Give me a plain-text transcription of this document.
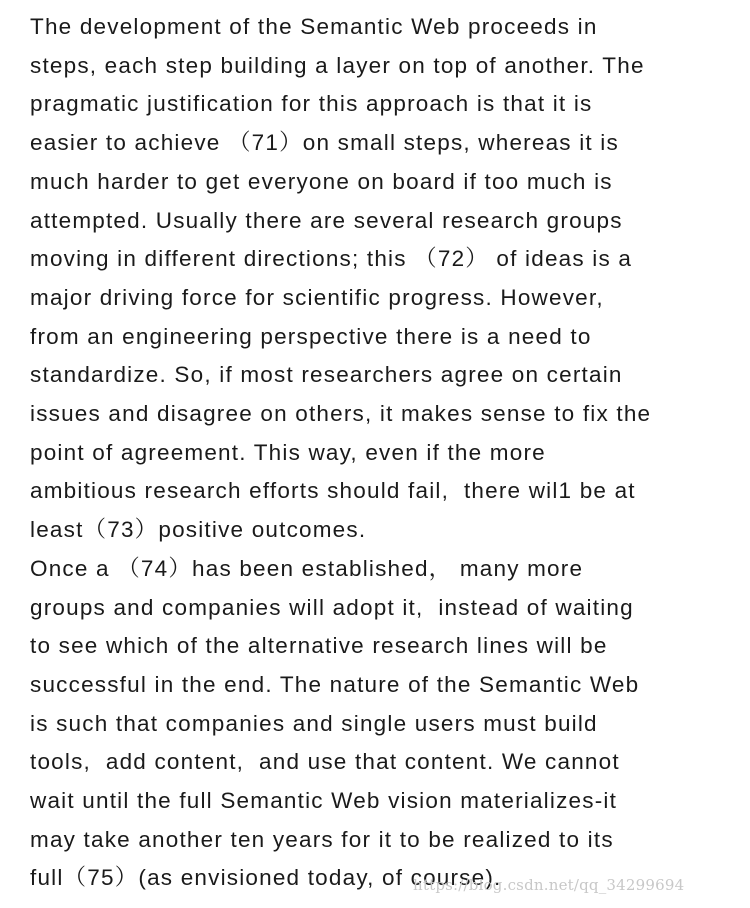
The development of the Semantic Web proceeds in
steps, each step building a layer on top of another. The
pragmatic justification for this approach is that it is
easier to achieve （71）on small steps, whereas it is
much harder to get everyone on board if too much is
attempted. Usually there are several research groups
moving in different directions; this （72） of ideas is a
major driving force for scientific progress. However,
from an engineering perspective there is a need to
standardize. So, if most researchers agree on certain
issues and disagree on others, it makes sense to fix the
point of agreement. This way, even if the more
ambitious research efforts should fail,  there wil1 be at
least（73）positive outcomes.
Once a （74）has been established， many more
groups and companies will adopt it,  instead of waiting
to see which of the alternative research lines will be
successful in the end. The nature of the Semantic Web
is such that companies and single users must build
tools,  add content,  and use that content. We cannot
wait until the full Semantic Web vision materializes-it
may take another ten years for it to be realized to its
full（75）(as envisioned today, of course).
https://blog.csdn.net/qq_34299694
